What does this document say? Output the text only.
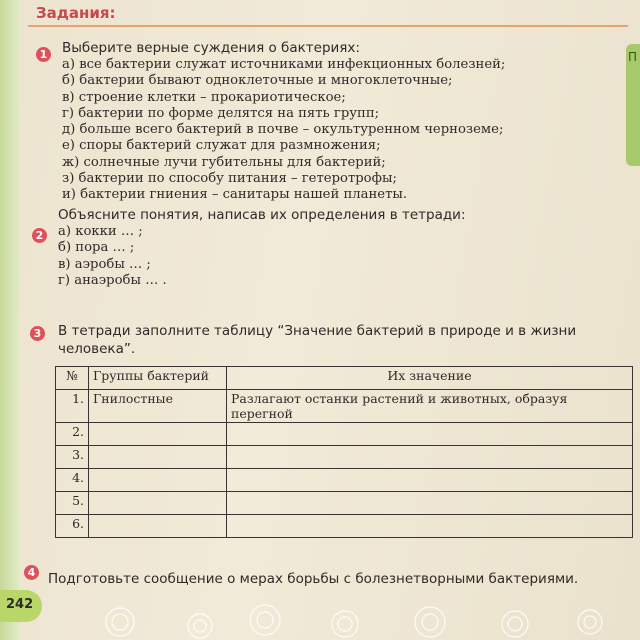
Задания:
П
1 Выберите верные суждения о бактериях:
а) все бактерии служат источниками инфекционных болезней;
б) бактерии бывают одноклеточные и многоклеточные;
в) строение клетки – прокариотическое;
г) бактерии по форме делятся на пять групп;
д) больше всего бактерий в почве – окультуренном черноземе;
е) споры бактерий служат для размножения;
ж) солнечные лучи губительны для бактерий;
з) бактерии по способу питания – гетеротрофы;
и) бактерии гниения – санитары нашей планеты.
2
Объясните понятия, написав их определения в тетради:
а) кокки … ;
б) пора … ;
в) аэробы … ;
г) анаэробы … .
3 В тетради заполните таблицу “Значение бактерий в природе и в жизни человека”.
№	Группы бактерий	Их значение
1.	Гнилостные	Разлагают останки растений и животных, образуя перегной
2.		
3.		
4.		
5.		
6.		
4 Подготовьте сообщение о мерах борьбы с болезнетворными бактериями.
242
